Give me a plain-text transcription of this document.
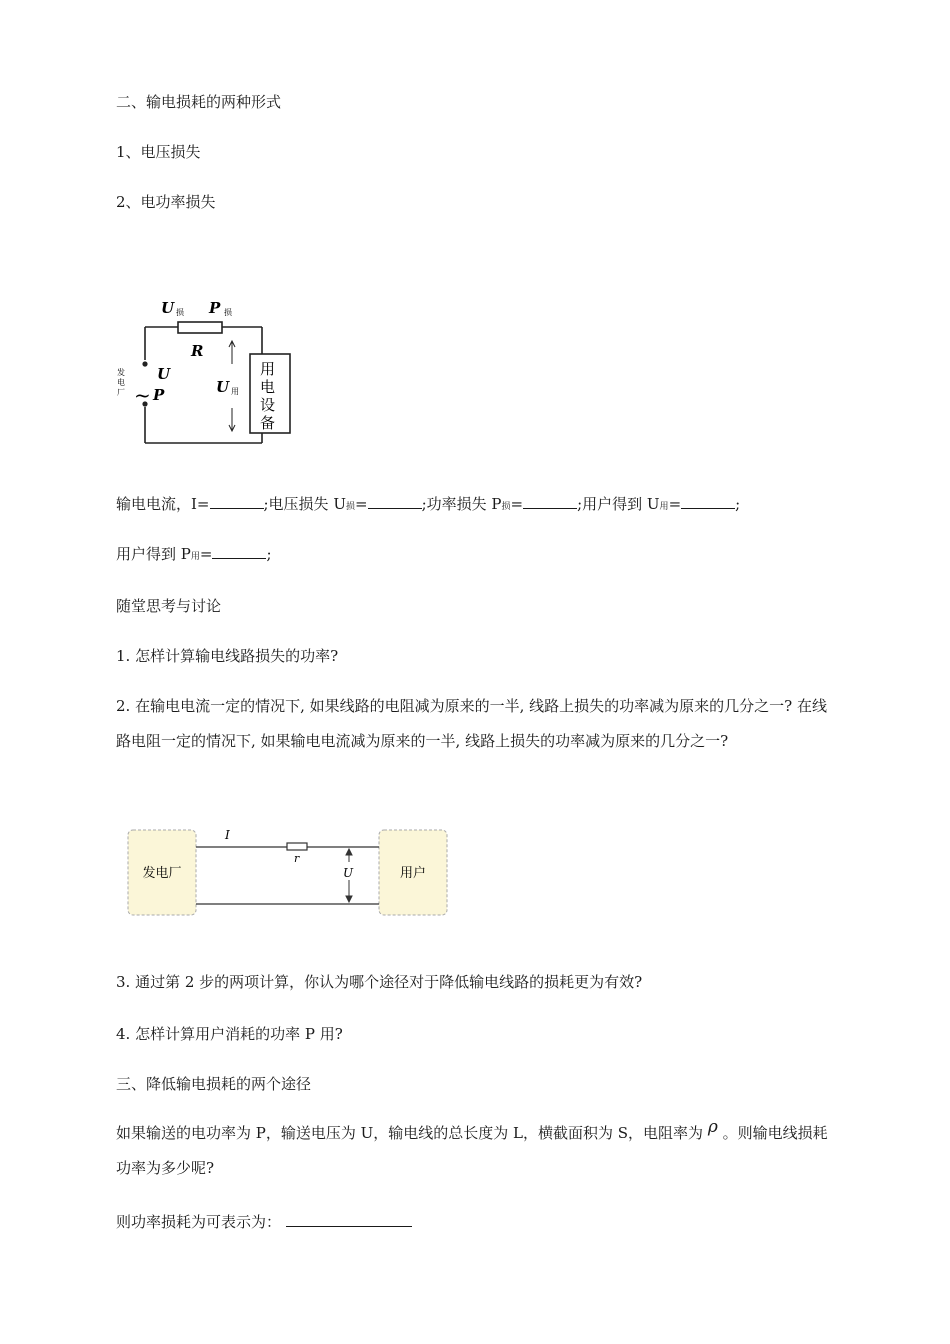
二、输电损耗的两种形式
1、电压损失
2、电功率损失
U 损 P 损
R
发
电
厂
U
~ P	U 用
用
电
设
备
输电电流，I=	;电压损失 U损=	;功率损失 P损=	;用户得到 U用=	;
用户得到 P用=	;
随堂思考与讨论
1. 怎样计算输电线路损失的功率?
2. 在输电电流一定的情况下, 如果线路的电阻减为原来的一半, 线路上损失的功率减为原来的几分之一? 在线路电阻一定的情况下, 如果输电电流减为原来的一半, 线路上损失的功率减为原来的几分之一?
发电厂	用户
I
r
U
3. 通过第 2 步的两项计算，你认为哪个途径对于降低输电线路的损耗更为有效?
4. 怎样计算用户消耗的功率 P 用?
三、降低输电损耗的两个途径
如果输送的电功率为 P，输送电压为 U，输电线的总长度为 L，横截面积为 S，电阻率为 ρ 。则输电线损耗功率为多少呢?
则功率损耗为可表示为：
